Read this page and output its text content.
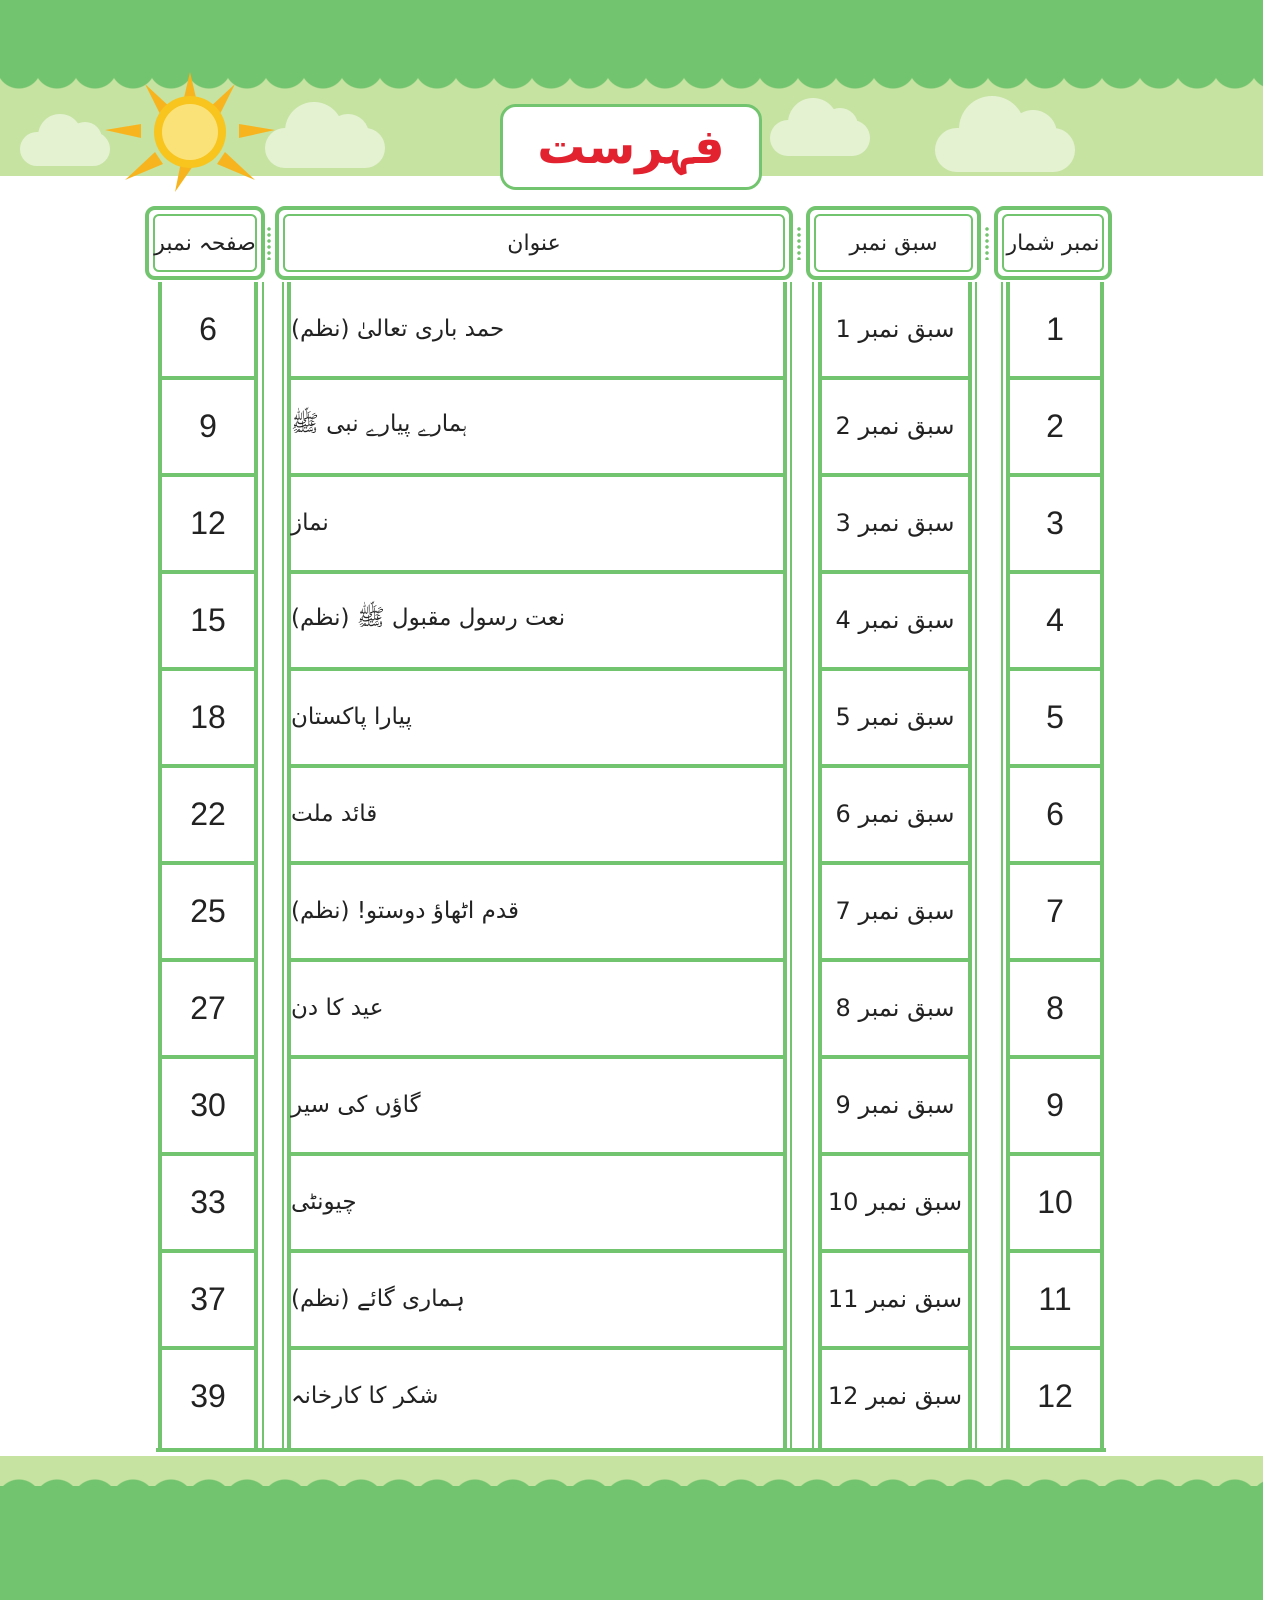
فہرست
صفحہ نمبر	عنوان	سبق نمبر	نمبر شمار
6	حمد باری تعالیٰ (نظم)	سبق نمبر 1	1
9	ہمارے پیارے نبی ﷺ	سبق نمبر 2	2
12	نماز	سبق نمبر 3	3
15	نعت رسول مقبول ﷺ (نظم)	سبق نمبر 4	4
18	پیارا پاکستان	سبق نمبر 5	5
22	قائد ملت	سبق نمبر 6	6
25	قدم اٹھاؤ دوستو! (نظم)	سبق نمبر 7	7
27	عید کا دن	سبق نمبر 8	8
30	گاؤں کی سیر	سبق نمبر 9	9
33	چیونٹی	سبق نمبر 10	10
37	ہماری گائے (نظم)	سبق نمبر 11	11
39	شکر کا کارخانہ	سبق نمبر 12	12
